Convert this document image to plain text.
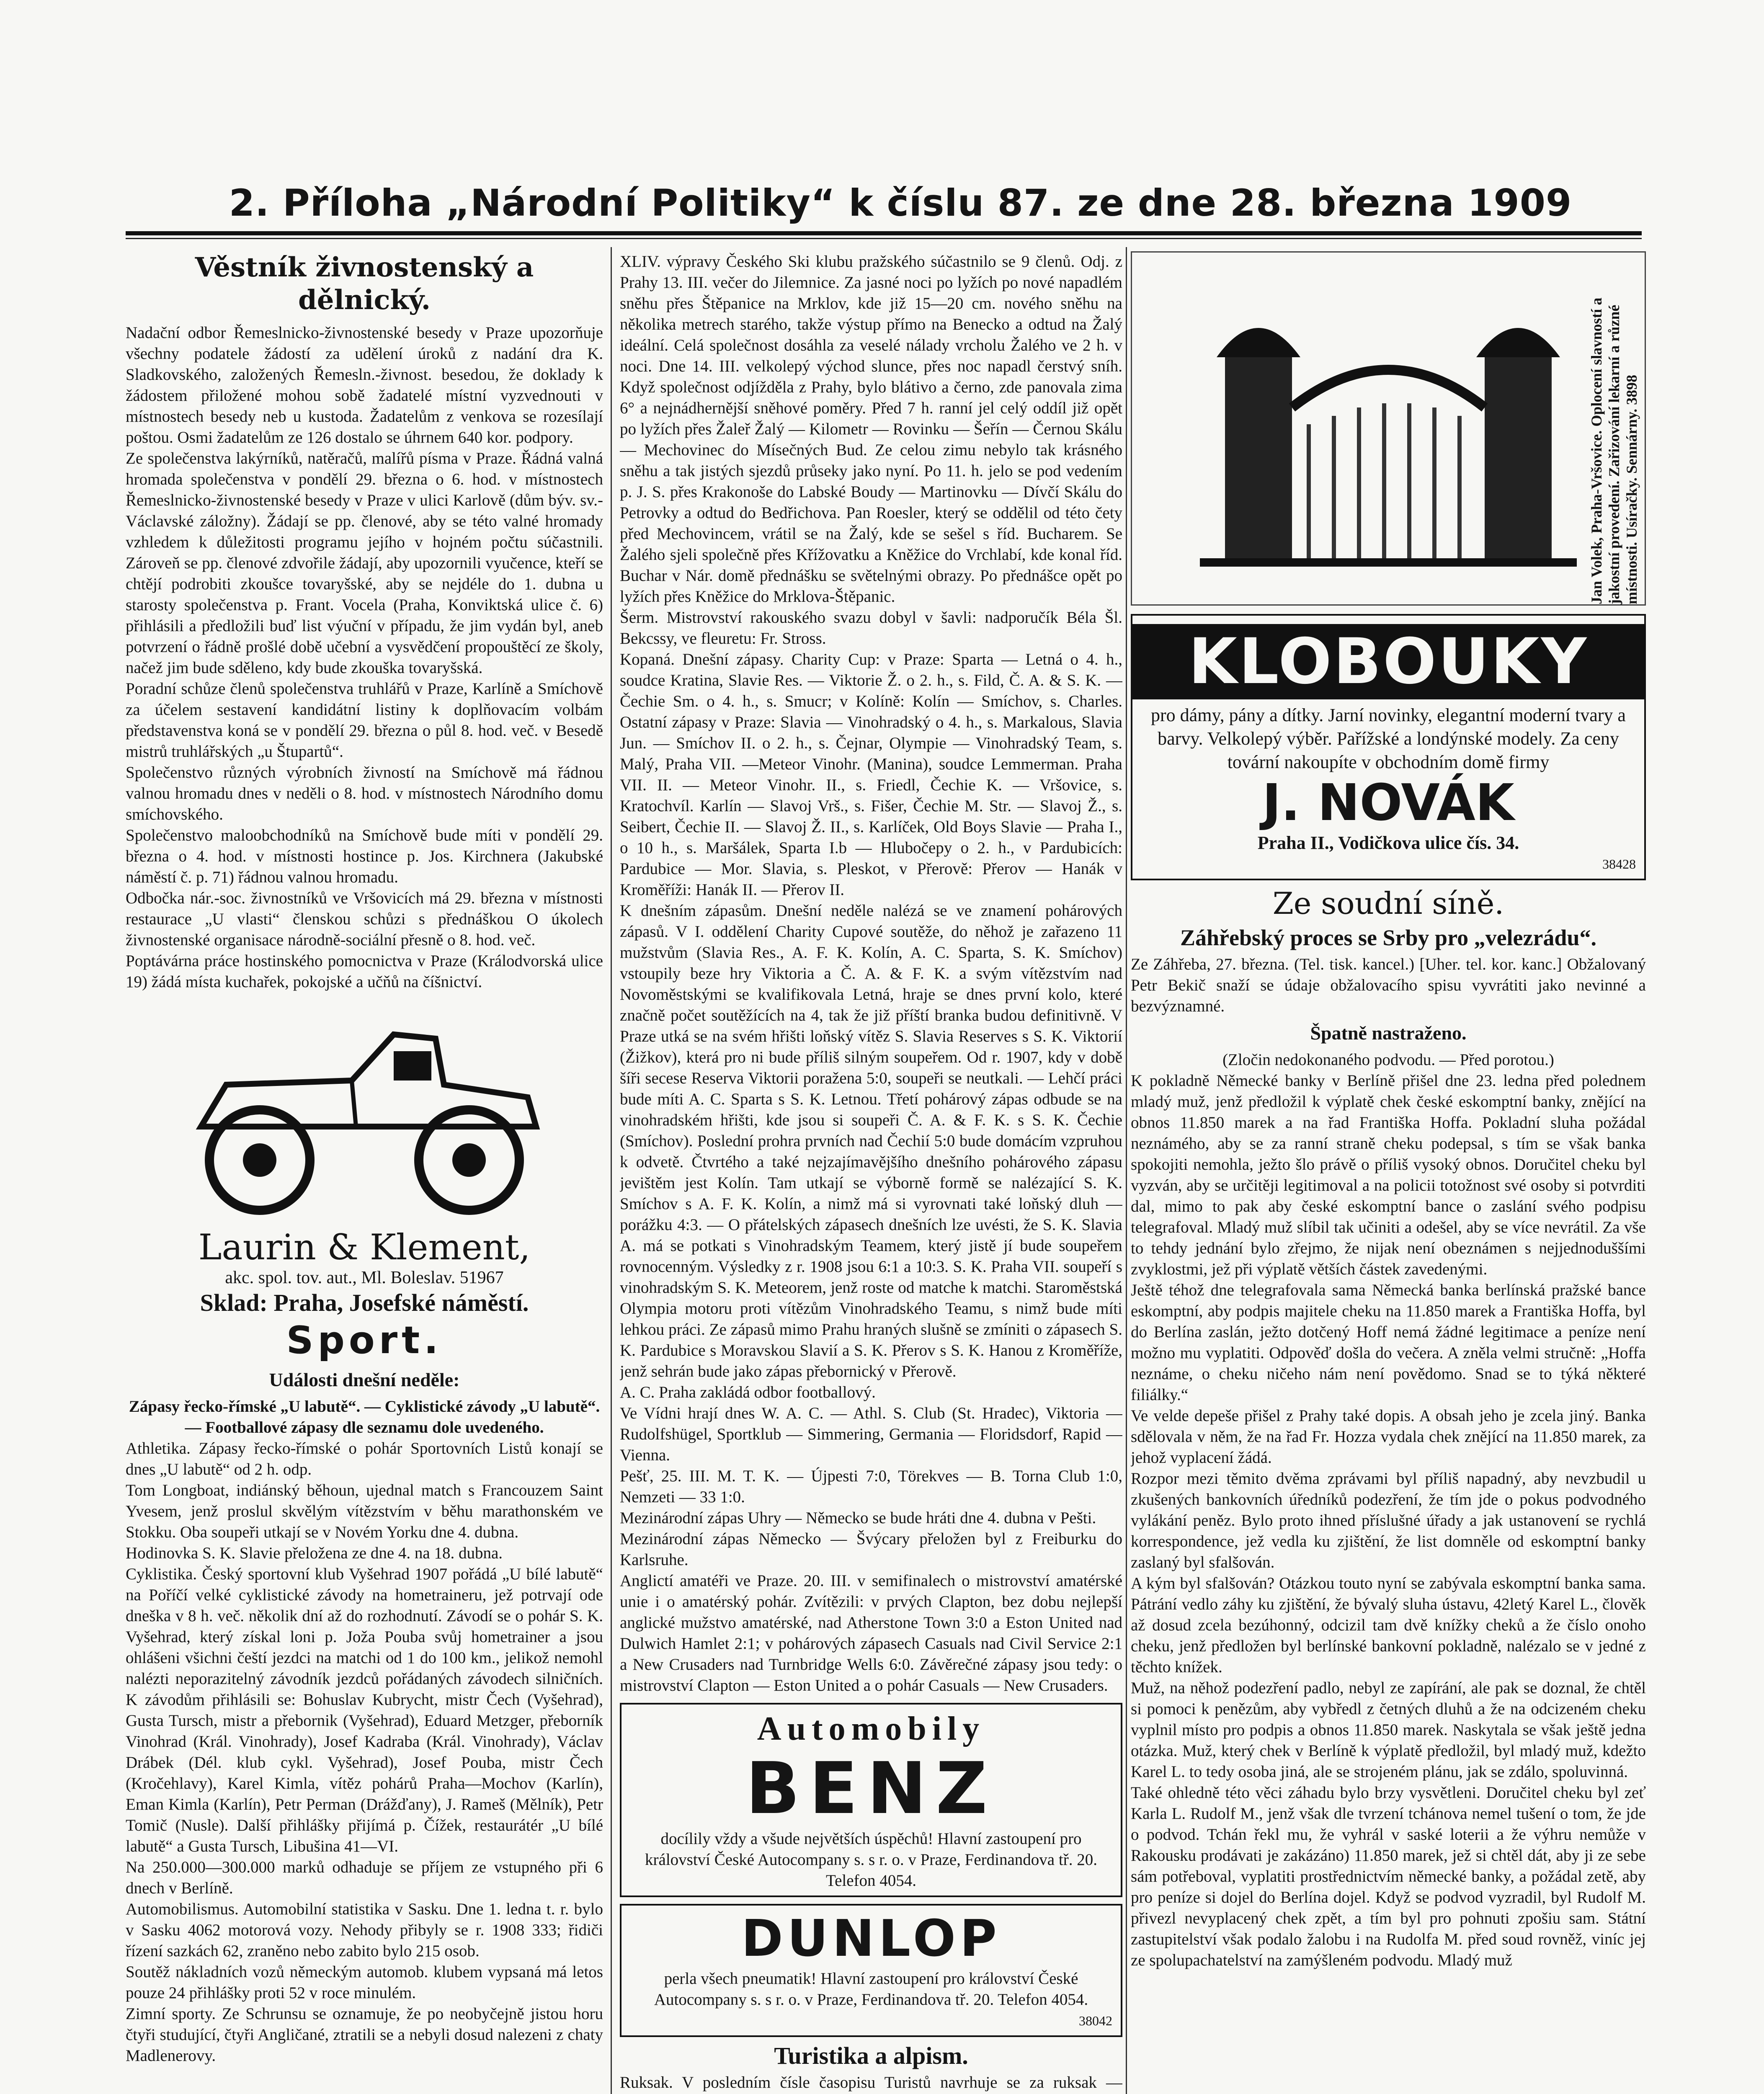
2. Příloha „Národní Politiky“ k číslu 87. ze dne 28. března 1909
Věstník živnostenský a dělnický.

Nadační odbor Řemeslnicko-živnostenské besedy v Praze upozorňuje všechny podatele žádostí za udělení úroků z nadání dra K. Sladkovského, založených Řemesln.-živnost. besedou, že doklady k žádostem přiložené mohou sobě žadatelé místní vyzvednouti v místnostech besedy neb u kustoda. Žadatelům z venkova se rozesílají poštou. Osmi žadatelům ze 126 dostalo se úhrnem 640 kor. podpory.

Ze společenstva lakýrníků, natěračů, malířů písma v Praze. Řádná valná hromada společenstva v pondělí 29. března o 6. hod. v místnostech Řemeslnicko-živnostenské besedy v Praze v ulici Karlově (dům býv. sv.-Václavské záložny). Žádají se pp. členové, aby se této valné hromady vzhledem k důležitosti programu jejího v hojném počtu súčastnili. Zároveň se pp. členové zdvořile žádají, aby upozornili vyučence, kteří se chtějí podrobiti zkoušce tovaryšské, aby se nejdéle do 1. dubna u starosty společenstva p. Frant. Vocela (Praha, Konviktská ulice č. 6) přihlásili a předložili buď list výuční v případu, že jim vydán byl, aneb potvrzení o řádně prošlé době učební a vysvědčení propouštěcí ze školy, načež jim bude sděleno, kdy bude zkouška tovaryšská.

Poradní schůze členů společenstva truhlářů v Praze, Karlíně a Smíchově za účelem sestavení kandidátní listiny k doplňovacím volbám představenstva koná se v pondělí 29. března o půl 8. hod. več. v Besedě mistrů truhlářských „u Štupartů“.

Společenstvo různých výrobních živností na Smíchově má řádnou valnou hromadu dnes v neděli o 8. hod. v místnostech Národního domu smíchovského.

Společenstvo maloobchodníků na Smíchově bude míti v pondělí 29. března o 4. hod. v místnosti hostince p. Jos. Kirchnera (Jakubské náměstí č. p. 71) řádnou valnou hromadu.

Odbočka nár.-soc. živnostníků ve Vršovicích má 29. března v místnosti restaurace „U vlasti“ členskou schůzi s přednáškou O úkolech živnostenské organisace národně-sociální přesně o 8. hod. več.

Poptávárna práce hostinského pomocnictva v Praze (Králodvorská ulice 19) žádá místa kuchařek, pokojské a učňů na číšnictví.

Laurin & Klement,

akc. spol. tov. aut., Ml. Boleslav. 51967

Sklad: Praha, Josefské náměstí.

Sport.
Události dnešní neděle:

Zápasy řecko-římské „U labutě“. — Cyklistické závody „U labutě“. — Footballové zápasy dle seznamu dole uvedeného.

Athletika. Zápasy řecko-římské o pohár Sportovních Listů konají se dnes „U labutě“ od 2 h. odp.

Tom Longboat, indiánský běhoun, ujednal match s Francouzem Saint Yvesem, jenž proslul skvělým vítězstvím v běhu marathonském ve Stokku. Oba soupeři utkají se v Novém Yorku dne 4. dubna.

Hodinovka S. K. Slavie přeložena ze dne 4. na 18. dubna.

Cyklistika. Český sportovní klub Vyšehrad 1907 pořádá „U bílé labutě“ na Poříčí velké cyklistické závody na hometraineru, jež potrvají ode dneška v 8 h. več. několik dní až do rozhodnutí. Závodí se o pohár S. K. Vyšehrad, který získal loni p. Joža Pouba svůj hometrainer a jsou ohlášeni všichni čeští jezdci na matchi od 1 do 100 km., jelikož nemohl nalézti neporazitelný závodník jezdců pořádaných závodech silničních. K závodům přihlásili se: Bohuslav Kubrycht, mistr Čech (Vyšehrad), Gusta Tursch, mistr a přebornik (Vyšehrad), Eduard Metzger, přeborník Vinohrad (Král. Vinohrady), Josef Kadraba (Král. Vinohrady), Václav Drábek (Dél. klub cykl. Vyšehrad), Josef Pouba, mistr Čech (Kročehlavy), Karel Kimla, vítěz pohárů Praha—Mochov (Karlín), Eman Kimla (Karlín), Petr Perman (Drážďany), J. Rameš (Mělník), Petr Tomič (Nusle). Další přihlášky přijímá p. Čížek, restaurátér „U bílé labutě“ a Gusta Tursch, Libušina 41—VI.

Na 250.000—300.000 marků odhaduje se příjem ze vstupného při 6 dnech v Berlíně.

Automobilismus. Automobilní statistika v Sasku. Dne 1. ledna t. r. bylo v Sasku 4062 motorová vozy. Nehody přibyly se r. 1908 333; řidiči řízení sazkách 62, zraněno nebo zabito bylo 215 osob.

Soutěž nákladních vozů německým automob. klubem vypsaná má letos pouze 24 přihlášky proti 52 v roce minulém.

Zimní sporty. Ze Schrunsu se oznamuje, že po neobyčejně jistou horu čtyři studující, čtyři Angličané, ztratili se a nebyli dosud nalezeni z chaty Madlenerovy.

XLIV. výpravy Českého Ski klubu pražského súčastnilo se 9 členů. Odj. z Prahy 13. III. večer do Jilemnice. Za jasné noci po lyžích po nové napadlém sněhu přes Štěpanice na Mrklov, kde již 15—20 cm. nového sněhu na několika metrech starého, takže výstup přímo na Benecko a odtud na Žalý ideální. Celá společnost dosáhla za veselé nálady vrcholu Žalého ve 2 h. v noci. Dne 14. III. velkolepý východ slunce, přes noc napadl čerstvý sníh. Když společnost odjížděla z Prahy, bylo blátivo a černo, zde panovala zima 6° a nejnádhernější sněhové poměry. Před 7 h. ranní jel celý oddíl již opět po lyžích přes Žaleř Žalý — Kilometr — Rovinku — Šeřín — Černou Skálu — Mechovinec do Mísečných Bud. Ze celou zimu nebylo tak krásného sněhu a tak jistých sjezdů průseky jako nyní. Po 11. h. jelo se pod vedením p. J. S. přes Krakonoše do Labské Boudy — Martinovku — Dívčí Skálu do Petrovky a odtud do Bedřichova. Pan Roesler, který se oddělil od této čety před Mechovincem, vrátil se na Žalý, kde se sešel s říd. Bucharem. Se Žalého sjeli společně přes Křížovatku a Kněžice do Vrchlabí, kde konal říd. Buchar v Nár. domě přednášku se světelnými obrazy. Po přednášce opět po lyžích přes Kněžice do Mrklova-Štěpanic.

Šerm. Mistrovství rakouského svazu dobyl v šavli: nadporučík Béla Šl. Bekcssy, ve fleuretu: Fr. Stross.

Kopaná. Dnešní zápasy. Charity Cup: v Praze: Sparta — Letná o 4. h., soudce Kratina, Slavie Res. — Viktorie Ž. o 2. h., s. Fild, Č. A. & S. K. — Čechie Sm. o 4. h., s. Smucr; v Kolíně: Kolín — Smíchov, s. Charles. Ostatní zápasy v Praze: Slavia — Vinohradský o 4. h., s. Markalous, Slavia Jun. — Smíchov II. o 2. h., s. Čejnar, Olympie — Vinohradský Team, s. Malý, Praha VII. —Meteor Vinohr. (Manina), soudce Lemmerman. Praha VII. II. — Meteor Vinohr. II., s. Friedl, Čechie K. — Vršovice, s. Kratochvíl. Karlín — Slavoj Vrš., s. Fišer, Čechie M. Str. — Slavoj Ž., s. Seibert, Čechie II. — Slavoj Ž. II., s. Karlíček, Old Boys Slavie — Praha I., o 10 h., s. Maršálek, Sparta I.b — Hlubočepy o 2. h., v Pardubicích: Pardubice — Mor. Slavia, s. Pleskot, v Přerově: Přerov — Hanák v Kroměříži: Hanák II. — Přerov II.

K dnešním zápasům. Dnešní neděle nalézá se ve znamení pohárových zápasů. V I. oddělení Charity Cupové soutěže, do něhož je zařazeno 11 mužstvům (Slavia Res., A. F. K. Kolín, A. C. Sparta, S. K. Smíchov) vstoupily beze hry Viktoria a Č. A. & F. K. a svým vítězstvím nad Novoměstskými se kvalifikovala Letná, hraje se dnes první kolo, které značně počet soutěžících na 4, tak že již příští branka budou definitivně. V Praze utká se na svém hřišti loňský vítěz S. Slavia Reserves s S. K. Viktorií (Žižkov), která pro ni bude příliš silným soupeřem. Od r. 1907, kdy v době šíři secese Reserva Viktorii poražena 5:0, soupeři se neutkali. — Lehčí práci bude míti A. C. Sparta s S. K. Letnou. Třetí pohárový zápas odbude se na vinohradském hřišti, kde jsou si soupeři Č. A. & F. K. s S. K. Čechie (Smíchov). Poslední prohra prvních nad Čechií 5:0 bude domácím vzpruhou k odvetě. Čtvrtého a také nejzajímavějšího dnešního pohárového zápasu jevištěm jest Kolín. Tam utkají se výborně formě se nalézající S. K. Smíchov s A. F. K. Kolín, a nimž má si vyrovnati také loňský dluh — porážku 4:3. — O přátelských zápasech dnešních lze uvésti, že S. K. Slavia A. má se potkati s Vinohradským Teamem, který jistě jí bude soupeřem rovnocenným. Výsledky z r. 1908 jsou 6:1 a 10:3. S. K. Praha VII. soupeří s vinohradským S. K. Meteorem, jenž roste od matche k matchi. Staroměstská Olympia motoru proti vítězům Vinohradského Teamu, s nimž bude míti lehkou práci. Ze zápasů mimo Prahu hraných slušně se zmíniti o zápasech S. K. Pardubice s Moravskou Slavií a S. K. Přerov s S. K. Hanou z Kroměříže, jenž sehrán bude jako zápas přebornický v Přerově.

A. C. Praha zakládá odbor footballový.

Ve Vídni hrají dnes W. A. C. — Athl. S. Club (St. Hradec), Viktoria — Rudolfshügel, Sportklub — Simmering, Germania — Floridsdorf, Rapid — Vienna.

Pešť, 25. III. M. T. K. — Újpesti 7:0, Törekves — B. Torna Club 1:0, Nemzeti — 33 1:0.

Mezinárodní zápas Uhry — Německo se bude hráti dne 4. dubna v Pešti.

Mezinárodní zápas Německo — Švýcary přeložen byl z Freiburku do Karlsruhe.

Anglictí amatéři ve Praze. 20. III. v semifinalech o mistrovství amatérské unie i o amatérský pohár. Zvítězili: v prvých Clapton, bez dobu nejlepší anglické mužstvo amatérské, nad Atherstone Town 3:0 a Eston United nad Dulwich Hamlet 2:1; v pohárových zápasech Casuals nad Civil Service 2:1 a New Crusaders nad Turnbridge Wells 6:0. Závěrečné zápasy jsou tedy: o mistrovství Clapton — Eston United a o pohár Casuals — New Crusaders.

Automobily
BENZ

docílily vždy a všude největších úspěchů! Hlavní zastoupení pro království České Autocompany s. s r. o. v Praze, Ferdinandova tř. 20. Telefon 4054.

DUNLOP

perla všech pneumatik! Hlavní zastoupení pro království České Autocompany s. s r. o. v Praze, Ferdinandova tř. 20. Telefon 4054.

38042

Turistika a alpism.

Ruksak. V posledním čísle časopisu Turistů navrhuje se za ruksak —

Jan Volek, Praha-Vršovice. Oplocení slavností a jakostní provedení. Zařizování lekarní a různé místnosti. Usíračky. Sennárny. 3898
KLOBOUKY

pro dámy, pány a dítky. Jarní novinky, elegantní moderní tvary a barvy. Velkolepý výběr. Pařížské a londýnské modely. Za ceny tovární nakoupíte v obchodním domě firmy

J. NOVÁK

Praha II., Vodičkova ulice čís. 34.

38428

Ze soudní síně.
Záhřebský proces se Srby pro „velezrádu“.

Ze Záhřeba, 27. března. (Tel. tisk. kancel.) [Uher. tel. kor. kanc.] Obžalovaný Petr Bekič snaží se údaje obžalovacího spisu vyvrátiti jako nevinné a bezvýznamné.

Špatně nastraženo.

(Zločin nedokonaného podvodu. — Před porotou.)

K pokladně Německé banky v Berlíně přišel dne 23. ledna před polednem mladý muž, jenž předložil k výplatě chek české eskomptní banky, znějící na obnos 11.850 marek a na řad Františka Hoffa. Pokladní sluha požádal neznámého, aby se za ranní straně cheku podepsal, s tím se však banka spokojiti nemohla, ježto šlo právě o příliš vysoký obnos. Doručitel cheku byl vyzván, aby se určitěji legitimoval a na policii totožnost své osoby si potvrditi dal, mimo to pak aby české eskomptní bance o zaslání svého podpisu telegrafoval. Mladý muž slíbil tak učiniti a odešel, aby se více nevrátil. Za vše to tehdy jednání bylo zřejmo, že nijak není obeznámen s nejjednoduššími zvyklostmi, jež při výplatě větších částek zavedenými.

Ještě téhož dne telegrafovala sama Německá banka berlínská pražské bance eskomptní, aby podpis majitele cheku na 11.850 marek a Františka Hoffa, byl do Berlína zaslán, ježto dotčený Hoff nemá žádné legitimace a peníze není možno mu vyplatiti. Odpověď došla do večera. A zněla velmi stručně: „Hoffa neznáme, o cheku ničeho nám není povědomo. Snad se to týká některé filiálky.“

Ve velde depeše přišel z Prahy také dopis. A obsah jeho je zcela jiný. Banka sdělovala v něm, že na řad Fr. Hozza vydala chek znějící na 11.850 marek, za jehož vyplacení žádá.

Rozpor mezi těmito dvěma zprávami byl příliš napadný, aby nevzbudil u zkušených bankovních úředníků podezření, že tím jde o pokus podvodného vylákání peněz. Bylo proto ihned příslušné úřady a jak ustanovení se rychlá korrespondence, jež vedla ku zjištění, že list domněle od eskomptní banky zaslaný byl sfalšován.

A kým byl sfalšován? Otázkou touto nyní se zabývala eskomptní banka sama. Pátrání vedlo záhy ku zjištění, že bývalý sluha ústavu, 42letý Karel L., člověk až dosud zcela bezúhonný, odcizil tam dvě knížky cheků a že číslo onoho cheku, jenž předložen byl berlínské bankovní pokladně, nalézalo se v jedné z těchto knížek.

Muž, na něhož podezření padlo, nebyl ze zapírání, ale pak se doznal, že chtěl si pomoci k penězům, aby vybředl z četných dluhů a že na odcizeném cheku vyplnil místo pro podpis a obnos 11.850 marek. Naskytala se však ještě jedna otázka. Muž, který chek v Berlíně k výplatě předložil, byl mladý muž, kdežto Karel L. to tedy osoba jiná, ale se strojeném plánu, jak se zdálo, spoluvinná.

Také ohledně této věci záhadu bylo brzy vysvětleni. Doručitel cheku byl zeť Karla L. Rudolf M., jenž však dle tvrzení tchánova nemel tušení o tom, že jde o podvod. Tchán řekl mu, že vyhrál v saské loterii a že výhru nemůže v Rakousku prodávati je zakázáno) 11.850 marek, jež si chtěl dát, aby ji ze sebe sám potřeboval, vyplatiti prostřednictvím německé banky, a požádal zetě, aby pro peníze si dojel do Berlína dojel. Když se podvod vyzradil, byl Rudolf M. přivezl nevyplacený chek zpět, a tím byl pro pohnuti zpošiu sam. Státní zastupitelství však podalo žalobu i na Rudolfa M. před soud rovněž, viníc jej ze spolupachatelství na zamýšleném podvodu. Mladý muž
